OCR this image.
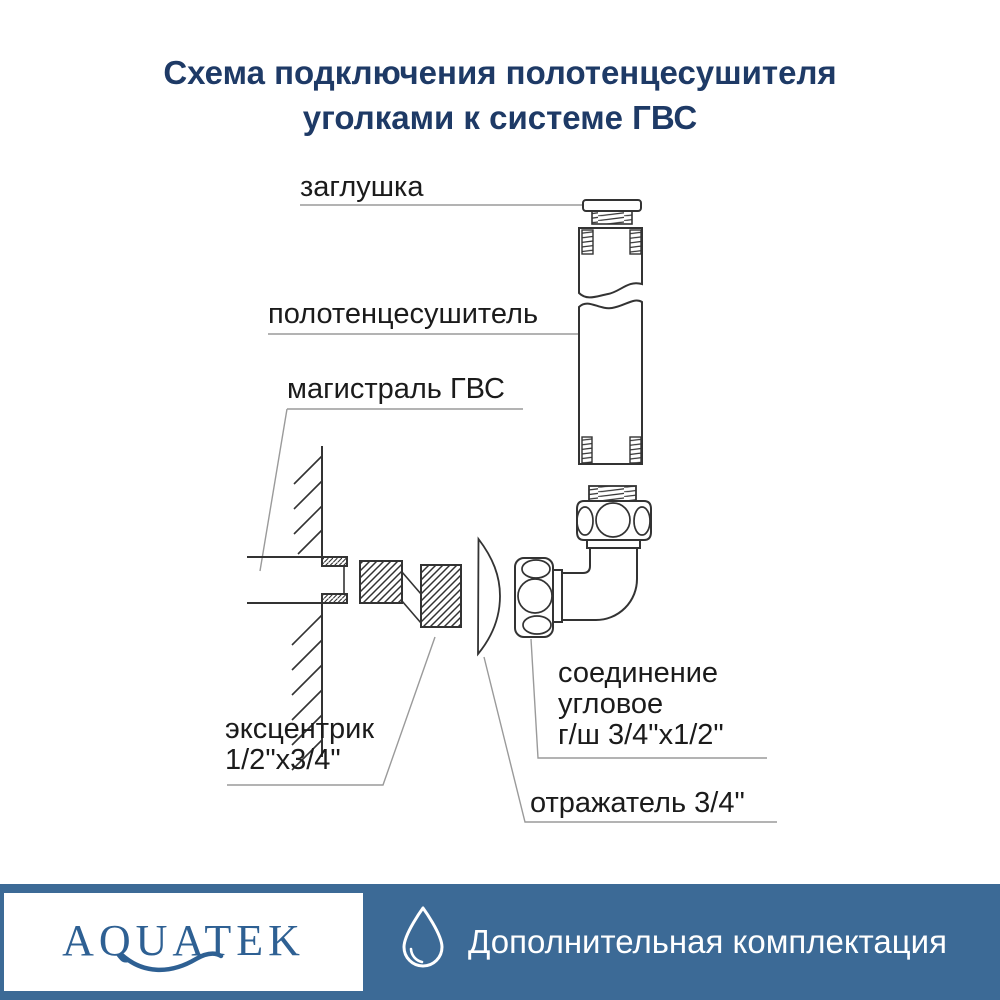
Схема подключения полотенцесушителя
уголками к системе ГВС
заглушка
полотенцесушитель
магистраль ГВС
эксцентрик
1/2"x3/4"
соединение
угловое
г/ш 3/4"x1/2"
отражатель 3/4"
AQUATEK	Дополнительная комплектация
